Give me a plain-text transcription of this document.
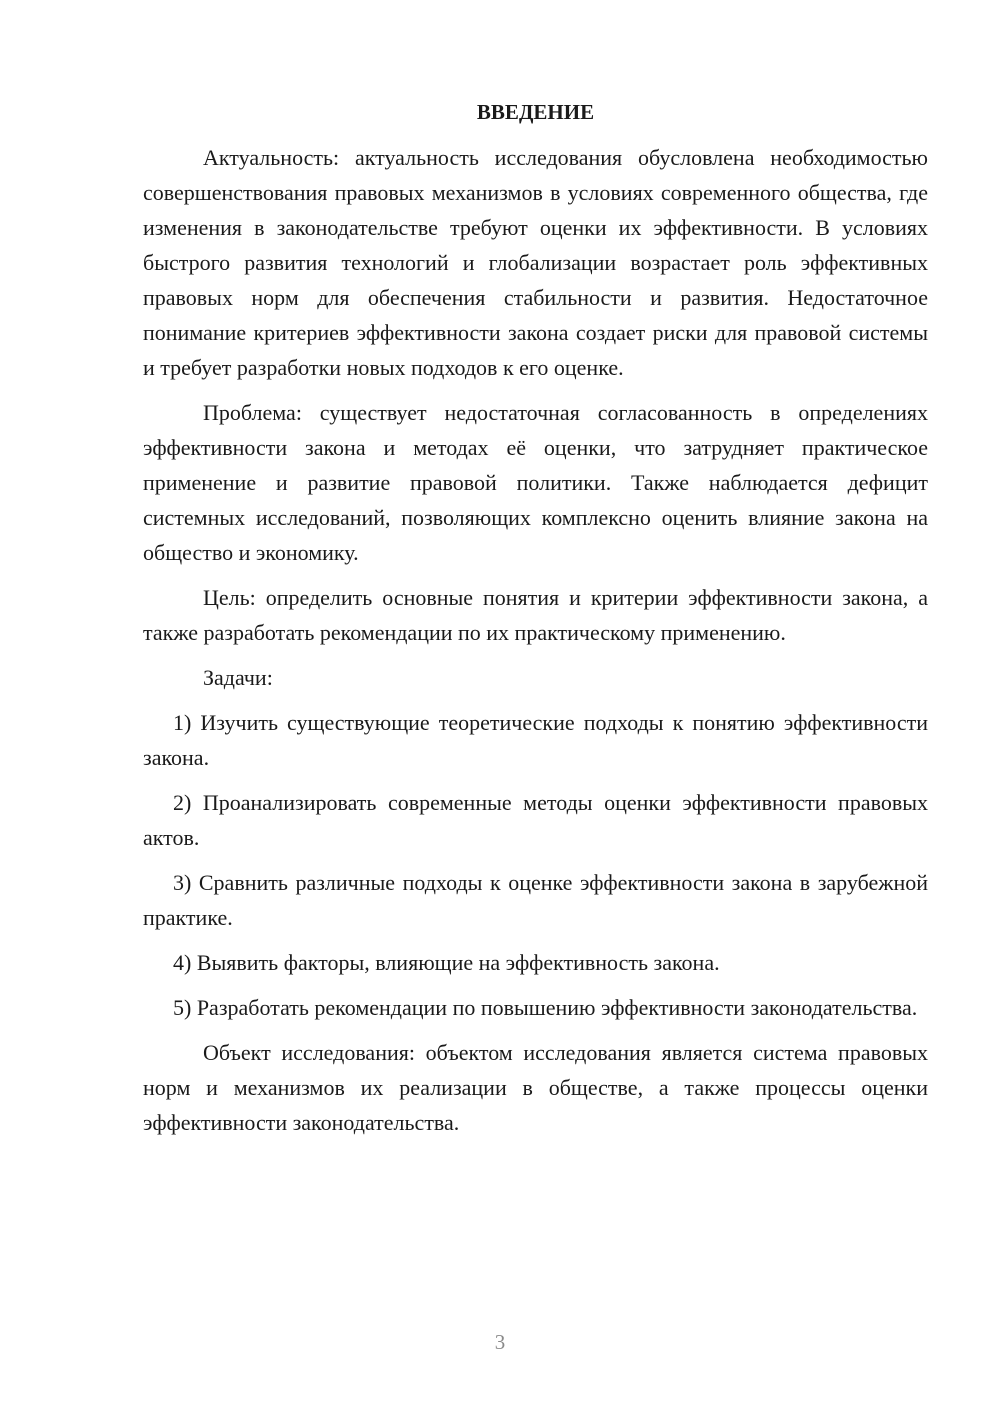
ВВЕДЕНИЕ

Актуальность: актуальность исследования обусловлена необходимостью совершенствования правовых механизмов в условиях современного общества, где изменения в законодательстве требуют оценки их эффективности. В условиях быстрого развития технологий и глобализации возрастает роль эффективных правовых норм для обеспечения стабильности и развития. Недостаточное понимание критериев эффективности закона создает риски для правовой системы и требует разработки новых подходов к его оценке.

Проблема: существует недостаточная согласованность в определениях эффективности закона и методах её оценки, что затрудняет практическое применение и развитие правовой политики. Также наблюдается дефицит системных исследований, позволяющих комплексно оценить влияние закона на общество и экономику.

Цель: определить основные понятия и критерии эффективности закона, а также разработать рекомендации по их практическому применению.

Задачи:

1) Изучить существующие теоретические подходы к понятию эффективности закона.

2) Проанализировать современные методы оценки эффективности правовых актов.

3) Сравнить различные подходы к оценке эффективности закона в зарубежной практике.

4) Выявить факторы, влияющие на эффективность закона.

5) Разработать рекомендации по повышению эффективности законодательства.

Объект исследования: объектом исследования является система правовых норм и механизмов их реализации в обществе, а также процессы оценки эффективности законодательства.

3
